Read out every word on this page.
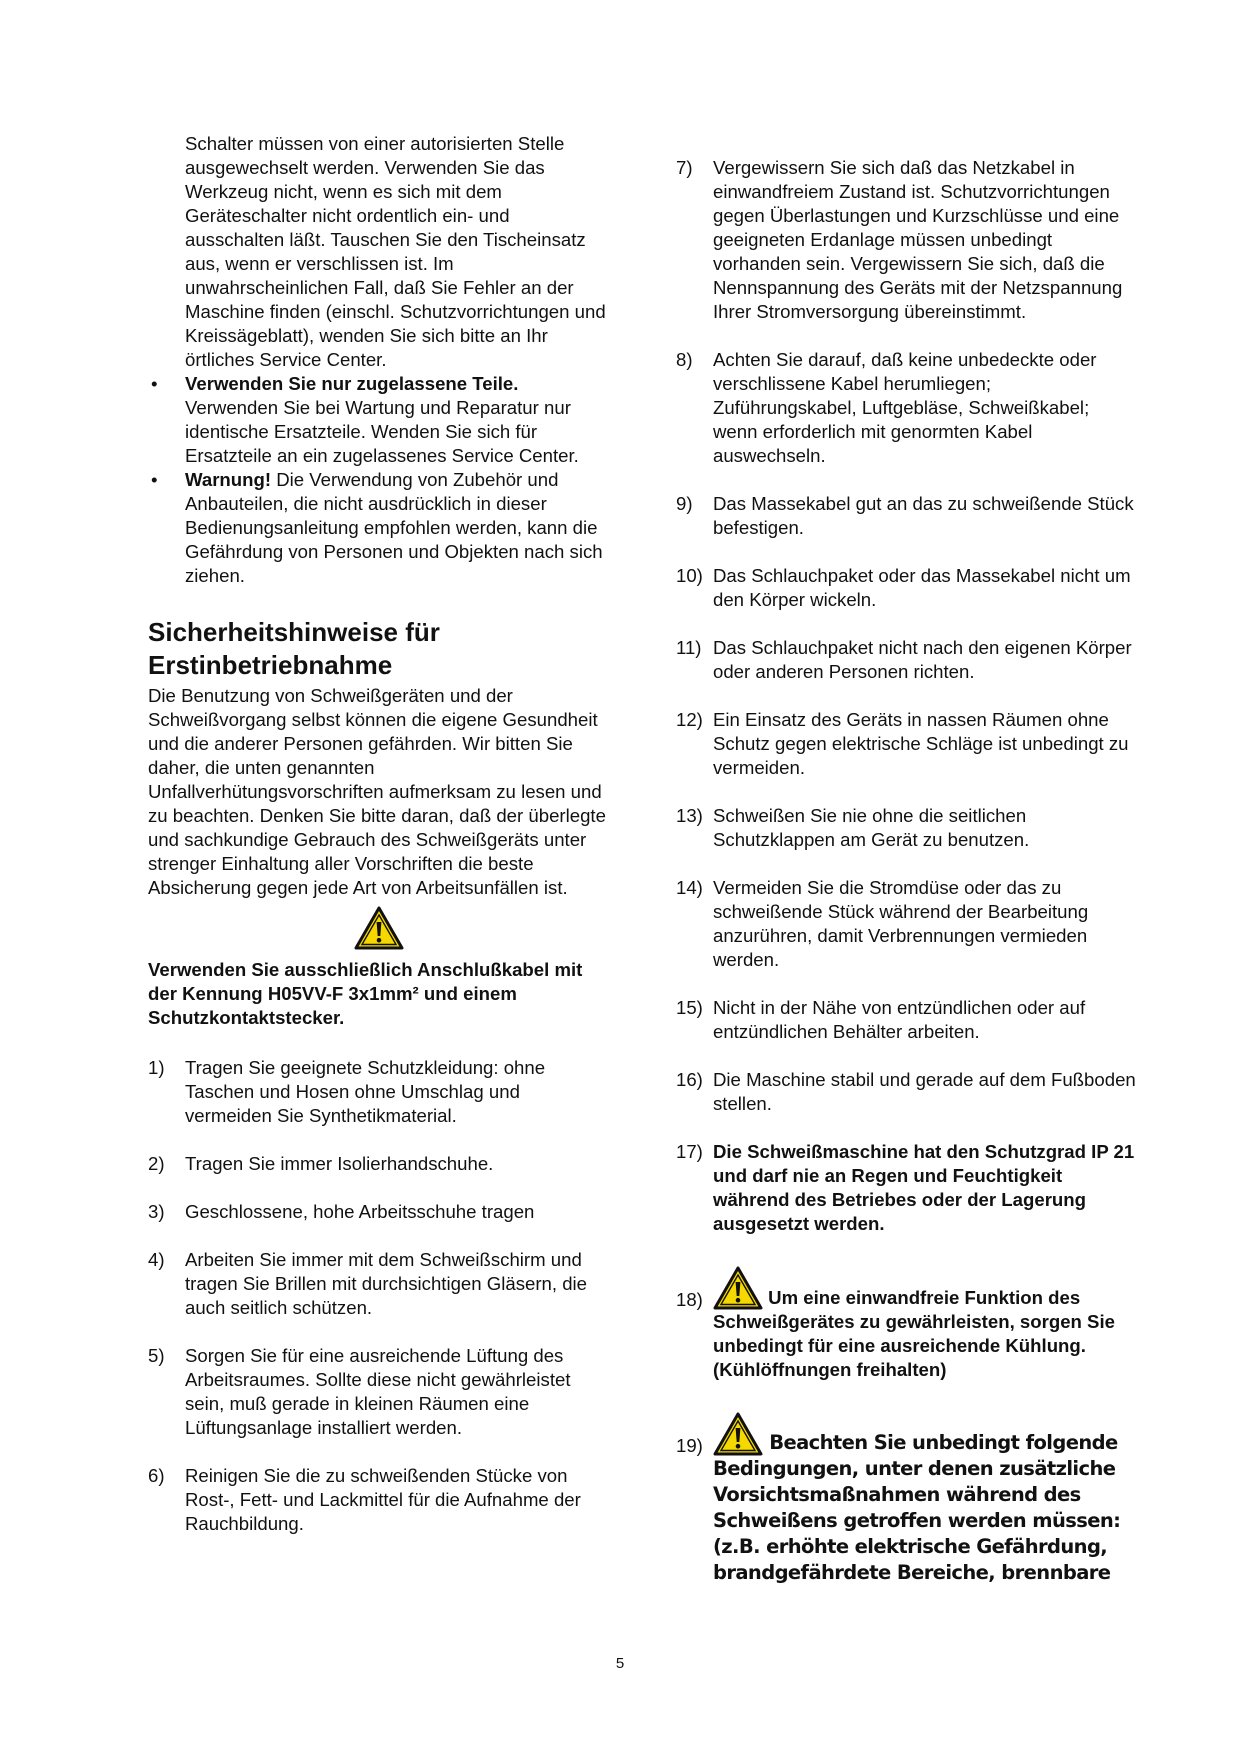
Schalter müssen von einer autorisierten Stelle ausgewechselt werden. Verwenden Sie das Werkzeug nicht, wenn es sich mit dem Geräteschalter nicht ordentlich ein- und ausschalten läßt. Tauschen Sie den Tischeinsatz aus, wenn er verschlissen ist. Im unwahrscheinlichen Fall, daß Sie Fehler an der Maschine finden (einschl. Schutzvorrichtungen und Kreissägeblatt), wenden Sie sich bitte an Ihr örtliches Service Center.

• Verwenden Sie nur zugelassene Teile. Verwenden Sie bei Wartung und Reparatur nur identische Ersatzteile. Wenden Sie sich für Ersatzteile an ein zugelassenes Service Center.
• Warnung! Die Verwendung von Zubehör und Anbauteilen, die nicht ausdrücklich in dieser Bedienungsanleitung empfohlen werden, kann die Gefährdung von Personen und Objekten nach sich ziehen.
Sicherheitshinweise für Erstinbetriebnahme

Die Benutzung von Schweißgeräten und der Schweißvorgang selbst können die eigene Gesundheit und die anderer Personen gefährden. Wir bitten Sie daher, die unten genannten Unfallverhütungsvorschriften aufmerksam zu lesen und zu beachten. Denken Sie bitte daran, daß der überlegte und sachkundige Gebrauch des Schweißgeräts unter strenger Einhaltung aller Vorschriften die beste Absicherung gegen jede Art von Arbeitsunfällen ist.

Verwenden Sie ausschließlich Anschlußkabel mit der Kennung H05VV-F 3x1mm² und einem Schutzkontaktstecker.

1) Tragen Sie geeignete Schutzkleidung: ohne Taschen und Hosen ohne Umschlag und vermeiden Sie Synthetikmaterial.
2) Tragen Sie immer Isolierhandschuhe.
3) Geschlossene, hohe Arbeitsschuhe tragen
4) Arbeiten Sie immer mit dem Schweißschirm und tragen Sie Brillen mit durchsichtigen Gläsern, die auch seitlich schützen.
5) Sorgen Sie für eine ausreichende Lüftung des Arbeitsraumes. Sollte diese nicht gewährleistet sein, muß gerade in kleinen Räumen eine Lüftungsanlage installiert werden.
6) Reinigen Sie die zu schweißenden Stücke von Rost-, Fett- und Lackmittel für die Aufnahme der Rauchbildung.
7) Vergewissern Sie sich daß das Netzkabel in einwandfreiem Zustand ist. Schutzvorrichtungen gegen Überlastungen und Kurzschlüsse und eine geeigneten Erdanlage müssen unbedingt vorhanden sein. Vergewissern Sie sich, daß die Nennspannung des Geräts mit der Netzspannung Ihrer Stromversorgung übereinstimmt.
8) Achten Sie darauf, daß keine unbedeckte oder verschlissene Kabel herumliegen; Zuführungskabel, Luftgebläse, Schweißkabel; wenn erforderlich mit genormten Kabel auswechseln.
9) Das Massekabel gut an das zu schweißende Stück befestigen.
10) Das Schlauchpaket oder das Massekabel nicht um den Körper wickeln.
11) Das Schlauchpaket nicht nach den eigenen Körper oder anderen Personen richten.
12) Ein Einsatz des Geräts in nassen Räumen ohne Schutz gegen elektrische Schläge ist unbedingt zu vermeiden.
13) Schweißen Sie nie ohne die seitlichen Schutzklappen am Gerät zu benutzen.
14) Vermeiden Sie die Stromdüse oder das zu schweißende Stück während der Bearbeitung anzurühren, damit Verbrennungen vermieden werden.
15) Nicht in der Nähe von entzündlichen oder auf entzündlichen Behälter arbeiten.
16) Die Maschine stabil und gerade auf dem Fußboden stellen.
17) Die Schweißmaschine hat den Schutzgrad IP 21 und darf nie an Regen und Feuchtigkeit während des Betriebes oder der Lagerung ausgesetzt werden.
18)	Um eine einwandfreie Funktion des Schweißgerätes zu gewährleisten, sorgen Sie unbedingt für eine ausreichende Kühlung. (Kühlöffnungen freihalten)
19)	Beachten Sie unbedingt folgende Bedingungen, unter denen zusätzliche Vorsichtsmaßnahmen während des Schweißens getroffen werden müssen: (z.B. erhöhte elektrische Gefährdung, brandgefährdete Bereiche, brennbare
5
